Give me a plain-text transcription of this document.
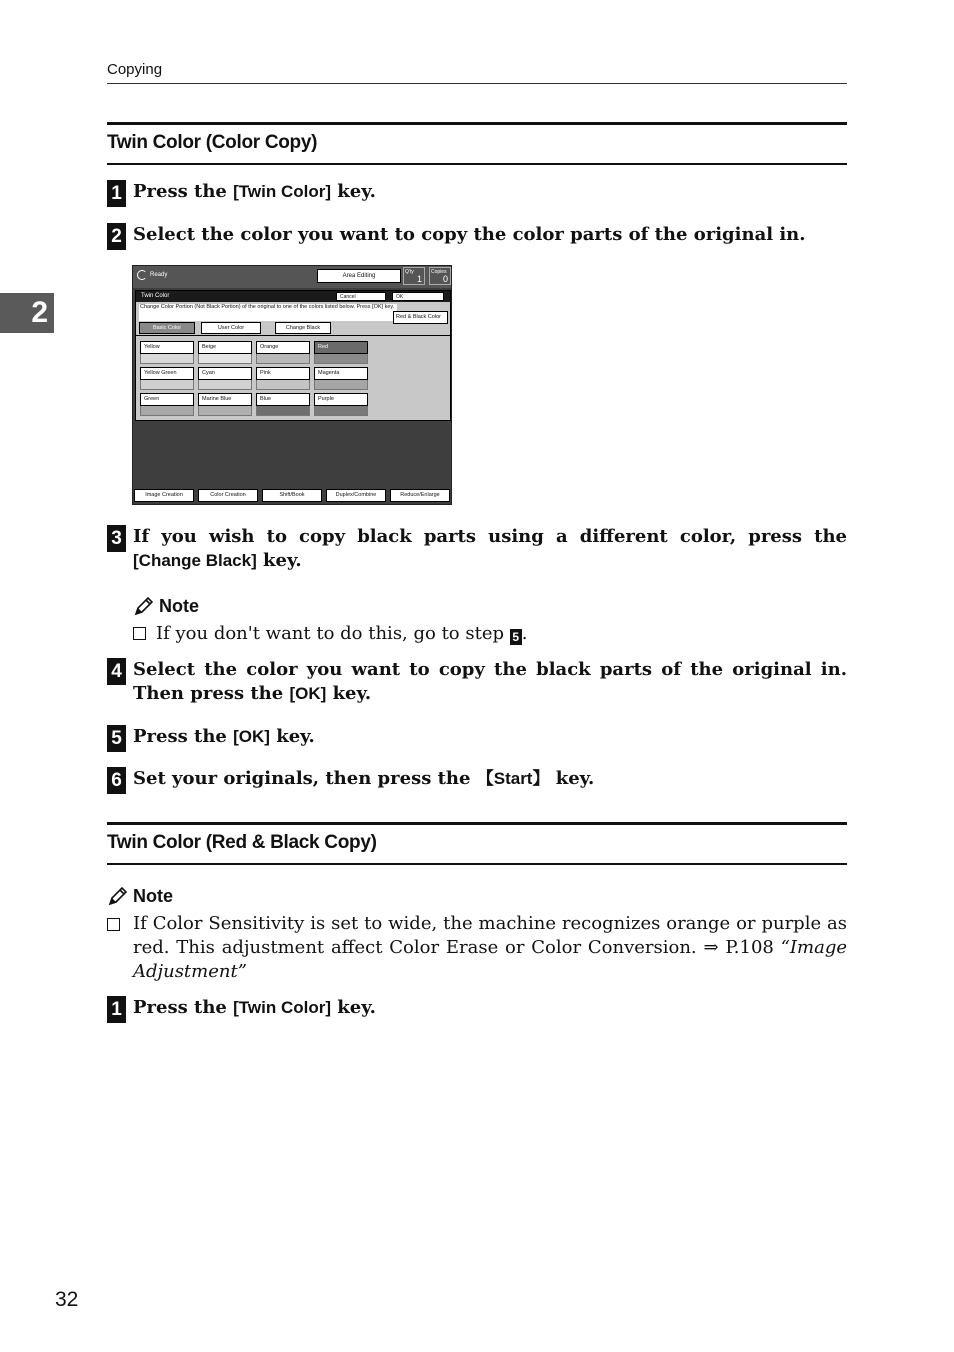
Copying
2
Twin Color (Color Copy)
1 Press the [Twin Color] key.
2 Select the color you want to copy the color parts of the original in.
Ready	Area Editing
Q'ty
1
Copies
0
Twin Color	Cancel	OK
Change Color Portion (Not Black Portion) of the original to one of the colors listed below. Press [OK] key.
Red & Black Color
Basic Color	User Color	Change Black
Yellow	Beige	Orange	Red
Yellow Green	Cyan	Pink	Magenta
Green	Marine Blue	Blue	Purple
Image Creation	Color Creation	Shift/Book	Duplex/Combine	Reduce/Enlarge
3 If you wish to copy black parts using a different color, press the [Change Black] key.
Note
If you don't want to do this, go to step 5 .
4 Select the color you want to copy the black parts of the original in. Then press the [OK] key.
5 Press the [OK] key.
6 Set your originals, then press the 【Start】 key.
Twin Color (Red & Black Copy)
Note
If Color Sensitivity is set to wide, the machine recognizes orange or purple as red. This adjustment affect Color Erase or Color Conversion. ⇒ P.108 “Image Adjustment”
1 Press the [Twin Color] key.
32
